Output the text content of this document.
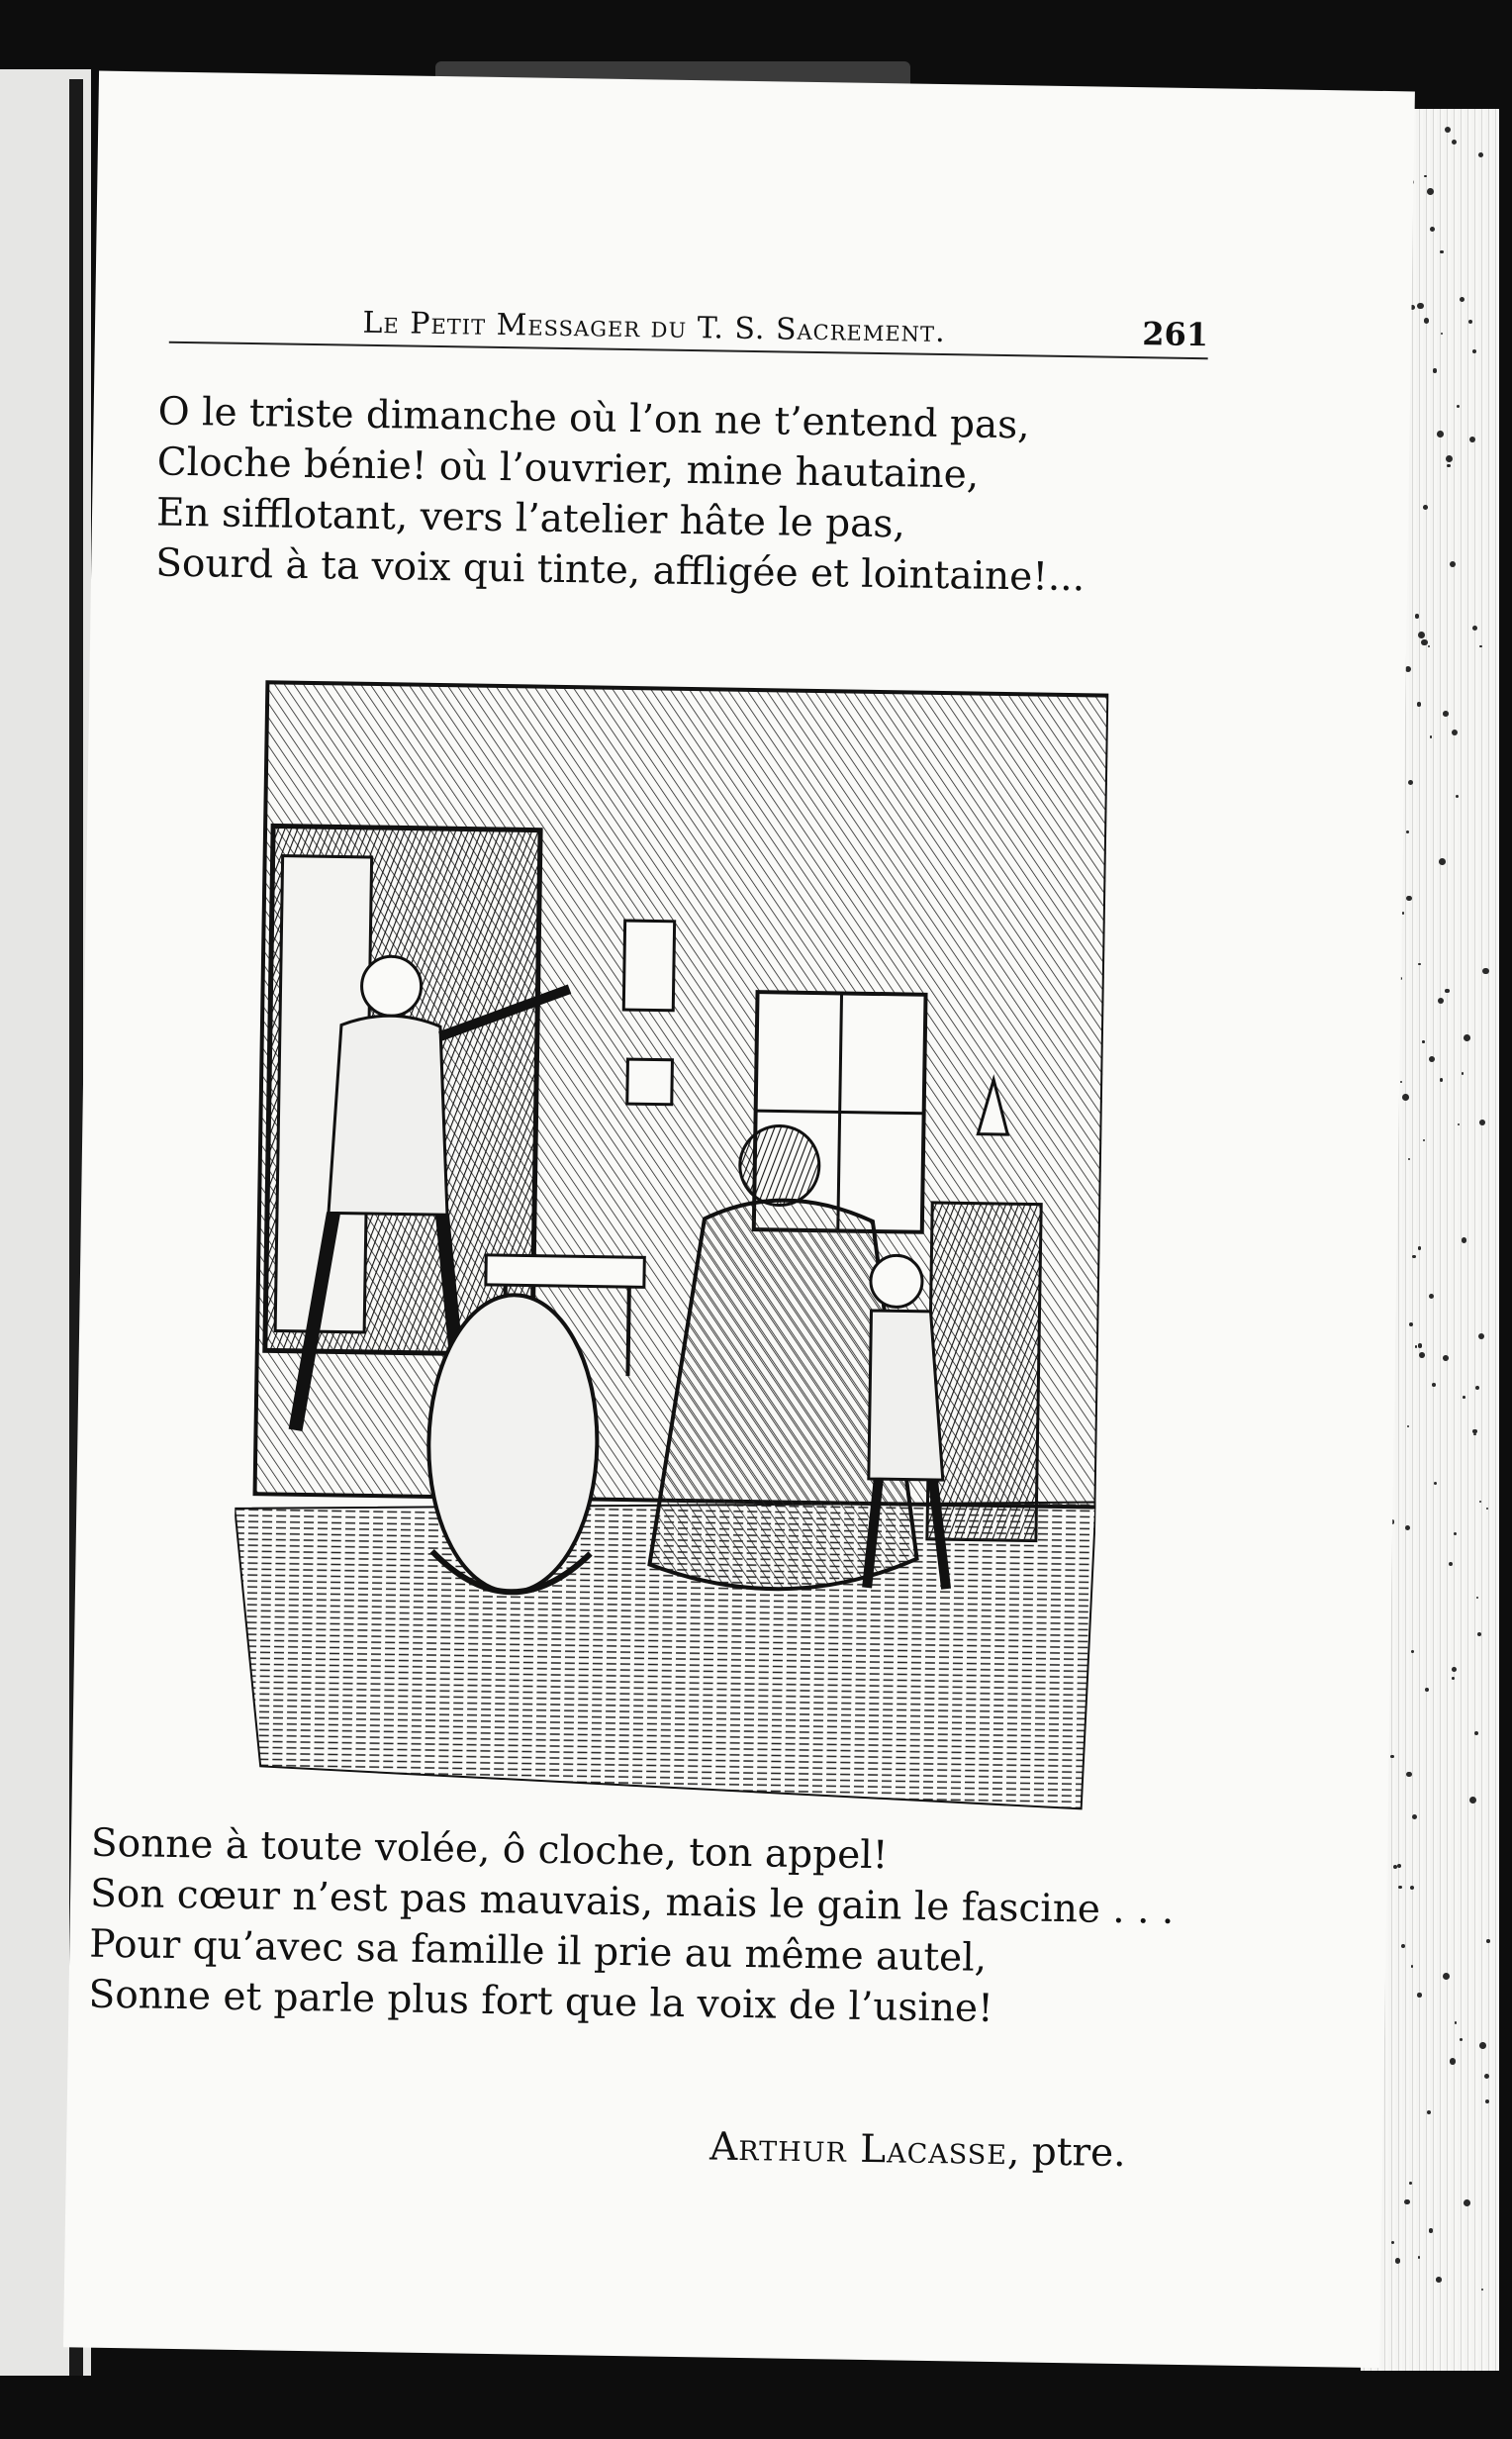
Le Petit Messager du T. S. Sacrement.	261
O le triste dimanche où l’on ne t’entend pas,
Cloche bénie! où l’ouvrier, mine hautaine,
En sifflotant, vers l’atelier hâte le pas,
Sourd à ta voix qui tinte, affligée et lointaine!...
Sonne à toute volée, ô cloche, ton appel!
Son cœur n’est pas mauvais, mais le gain le fascine . . .
Pour qu’avec sa famille il prie au même autel,
Sonne et parle plus fort que la voix de l’usine!
Arthur Lacasse, ptre.
